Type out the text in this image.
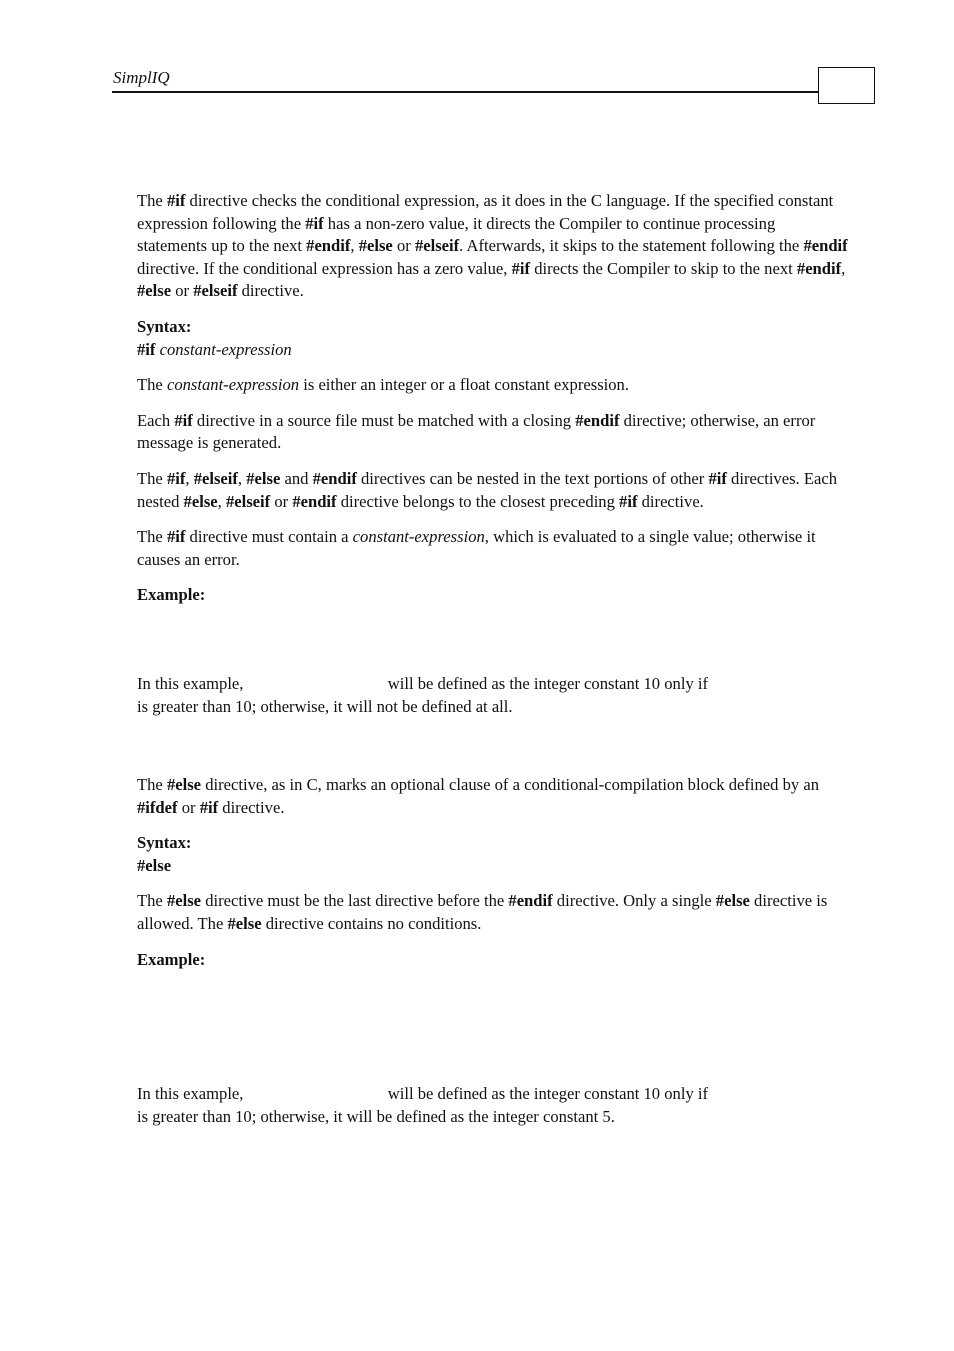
SimplIQ

The #if directive checks the conditional expression, as it does in the C language. If the specified constant expression following the #if has a non-zero value, it directs the Compiler to continue processing statements up to the next #endif, #else or #elseif. Afterwards, it skips to the statement following the #endif directive. If the conditional expression has a zero value, #if directs the Compiler to skip to the next #endif, #else or #elseif directive.

Syntax:
#if constant-expression

The constant-expression is either an integer or a float constant expression.

Each #if directive in a source file must be matched with a closing #endif directive; otherwise, an error message is generated.

The #if, #elseif, #else and #endif directives can be nested in the text portions of other #if directives. Each nested #else, #elseif or #endif directive belongs to the closest preceding #if directive.

The #if directive must contain a constant-expression, which is evaluated to a single value; otherwise it causes an error.

Example:

In this example,	will be defined as the integer constant 10 only if
is greater than 10; otherwise, it will not be defined at all.

The #else directive, as in C, marks an optional clause of a conditional-compilation block defined by an #ifdef or #if directive.

Syntax:
#else

The #else directive must be the last directive before the #endif directive. Only a single #else directive is allowed. The #else directive contains no conditions.

Example:

In this example,	will be defined as the integer constant 10 only if
is greater than 10; otherwise, it will be defined as the integer constant 5.
